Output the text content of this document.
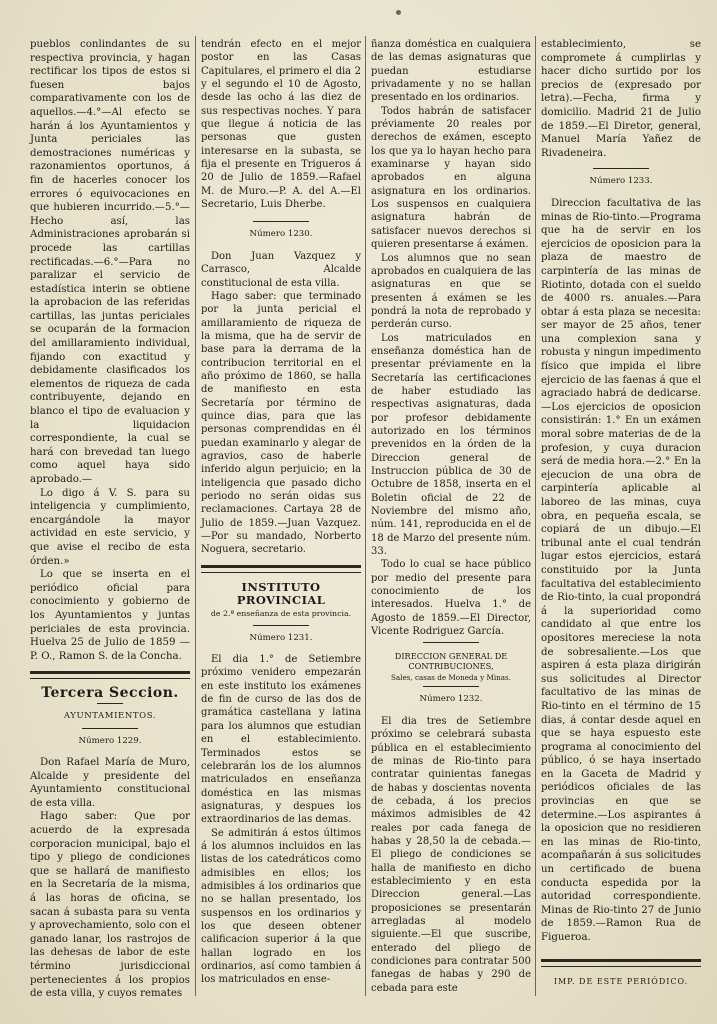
pueblos conlindantes de su respectiva provincia, y hagan rectificar los tipos de estos si fuesen bajos comparativamente con los de aquellos.—4.°—Al efecto se harán á los Ayuntamientos y Junta periciales las demostraciones numéricas y razonamientos oportunos, á fin de hacerles conocer los errores ó equivocaciones en que hubieren incurrido.—5.°—Hecho así, las Administraciones aprobarán si procede las cartillas rectificadas.—6.°—Para no paralizar el servicio de estadística interin se obtiene la aprobacion de las referidas cartillas, las juntas periciales se ocuparán de la formacion del amillaramiento individual, fijando con exactitud y debidamente clasificados los elementos de riqueza de cada contribuyente, dejando en blanco el tipo de evaluacion y la liquidacion correspondiente, la cual se hará con brevedad tan luego como aquel haya sido aprobado.—

Lo digo á V. S. para su inteligencia y cumplimiento, encargándole la mayor actividad en este servicio, y que avise el recibo de esta órden.»

Lo que se inserta en el periódico oficial para conocimiento y gobierno de los Ayuntamientos y juntas periciales de esta provincia. Huelva 25 de Julio de 1859 — P. O., Ramon S. de la Concha.

Tercera Seccion.
AYUNTAMIENTOS.
Número 1229.

Don Rafael María de Muro, Alcalde y presidente del Ayuntamiento constitucional de esta villa.

Hago saber: Que por acuerdo de la expresada corporacion municipal, bajo el tipo y pliego de condiciones que se hallará de manifiesto en la Secretaría de la misma, á las horas de oficina, se sacan á subasta para su venta y aprovechamiento, solo con el ganado lanar, los rastrojos de las dehesas de labor de este término jurisdiccional pertenecientes á los propios de esta villa, y cuyos remates

tendrán efecto en el mejor postor en las Casas Capitulares, el primero el dia 2 y el segundo el 10 de Agosto, desde las ocho á las diez de sus respectivas noches. Y para que llegue á noticia de las personas que gusten interesarse en la subasta, se fija el presente en Trigueros á 20 de Julio de 1859.—Rafael M. de Muro.—P. A. del A.—El Secretario, Luis Dherbe.

Número 1230.

Don Juan Vazquez y Carrasco, Alcalde constitucional de esta villa.

Hago saber: que terminado por la junta pericial el amillaramiento de riqueza de la misma, que ha de servir de base para la derrama de la contribucion territorial en el año próximo de 1860, se halla de manifiesto en esta Secretaría por término de quince dias, para que las personas comprendidas en él puedan examinarlo y alegar de agravios, caso de haberle inferido algun perjuicio; en la inteligencia que pasado dicho periodo no serán oidas sus reclamaciones. Cartaya 28 de Julio de 1859.—Juan Vazquez.—Por su mandado, Norberto Noguera, secretario.

INSTITUTO PROVINCIAL
de 2.ª enseñanza de esta provincia.
Número 1231.

El dia 1.° de Setiembre próximo venidero empezarán en este instituto los exámenes de fin de curso de las dos de gramática castellana y latina para los alumnos que estudian en el establecimiento. Terminados estos se celebrarán los de los alumnos matriculados en enseñanza doméstica en las mismas asignaturas, y despues los extraordinarios de las demas.

Se admitirán á estos últimos á los alumnos incluidos en las listas de los catedráticos como admisibles en ellos; los admisibles á los ordinarios que no se hallan presentado, los suspensos en los ordinarios y los que deseen obtener calificacion superior á la que hallan logrado en los ordinarios, así como tambien á los matriculados en ense-

ñanza doméstica en cualquiera de las demas asignaturas que puedan estudiarse privadamente y no se hallan presentado en los ordinarios.

Todos habrán de satisfacer préviamente 20 reales por derechos de exámen, escepto los que ya lo hayan hecho para examinarse y hayan sido aprobados en alguna asignatura en los ordinarios. Los suspensos en cualquiera asignatura habrán de satisfacer nuevos derechos si quieren presentarse á exámen.

Los alumnos que no sean aprobados en cualquiera de las asignaturas en que se presenten á exámen se les pondrá la nota de reprobado y perderán curso.

Los matriculados en enseñanza doméstica han de presentar préviamente en la Secretaría las certificaciones de haber estudiado las respectivas asignaturas, dada por profesor debidamente autorizado en los términos prevenidos en la órden de la Direccion general de Instruccion pública de 30 de Octubre de 1858, inserta en el Boletin oficial de 22 de Noviembre del mismo año, núm. 141, reproducida en el de 18 de Marzo del presente núm. 33.

Todo lo cual se hace público por medio del presente para conocimiento de los interesados. Huelva 1.° de Agosto de 1859.—El Director, Vicente Rodriguez García.

DIRECCION GENERAL DE CONTRIBUCIONES,
Sales, casas de Moneda y Minas.
Número 1232.

El dia tres de Setiembre próximo se celebrará subasta pública en el establecimiento de minas de Rio-tinto para contratar quinientas fanegas de habas y doscientas noventa de cebada, á los precios máximos admisibles de 42 reales por cada fanega de habas y 28,50 la de cebada.—El pliego de condiciones se halla de manifiesto en dicho establecimiento y en esta Direccion general.—Las proposiciones se presentarán arregladas al modelo siguiente.—El que suscribe, enterado del pliego de condiciones para contratar 500 fanegas de habas y 290 de cebada para este

establecimiento, se compromete á cumplirlas y hacer dicho surtido por los precios de (expresado por letra).—Fecha, firma y domicilio. Madrid 21 de Julio de 1859.—El Diretor, general, Manuel María Yañez de Rivadeneira.

Número 1233.

Direccion facultativa de las minas de Rio-tinto.—Programa que ha de servir en los ejercicios de oposicion para la plaza de maestro de carpintería de las minas de Riotinto, dotada con el sueldo de 4000 rs. anuales.—Para obtar á esta plaza se necesita: ser mayor de 25 años, tener una complexion sana y robusta y ningun impedimento físico que impida el libre ejercicio de las faenas á que el agraciado habrá de dedicarse.—Los ejercicios de oposicion consistirán: 1.° En un exámen moral sobre materias de de la profesion, y cuya duracion será de media hora.—2.° En la ejecucion de una obra de carpintería aplicable al laboreo de las minas, cuya obra, en pequeña escala, se copiará de un dibujo.—El tribunal ante el cual tendrán lugar estos ejercicios, estará constituido por la Junta facultativa del establecimiento de Rio-tinto, la cual propondrá á la superioridad como candidato al que entre los opositores mereciese la nota de sobresaliente.—Los que aspiren á esta plaza dirigirán sus solicitudes al Director facultativo de las minas de Rio-tinto en el término de 15 dias, á contar desde aquel en que se haya espuesto este programa al conocimiento del público, ó se haya insertado en la Gaceta de Madrid y periódicos oficiales de las provincias en que se determine.—Los aspirantes á la oposicion que no residieren en las minas de Rio-tinto, acompañarán á sus solicitudes un certificado de buena conducta espedida por la autoridad correspondiente. Minas de Rio-tinto 27 de Junio de 1859.—Ramon Rua de Figueroa.

IMP. DE ESTE PERIÓDICO.
